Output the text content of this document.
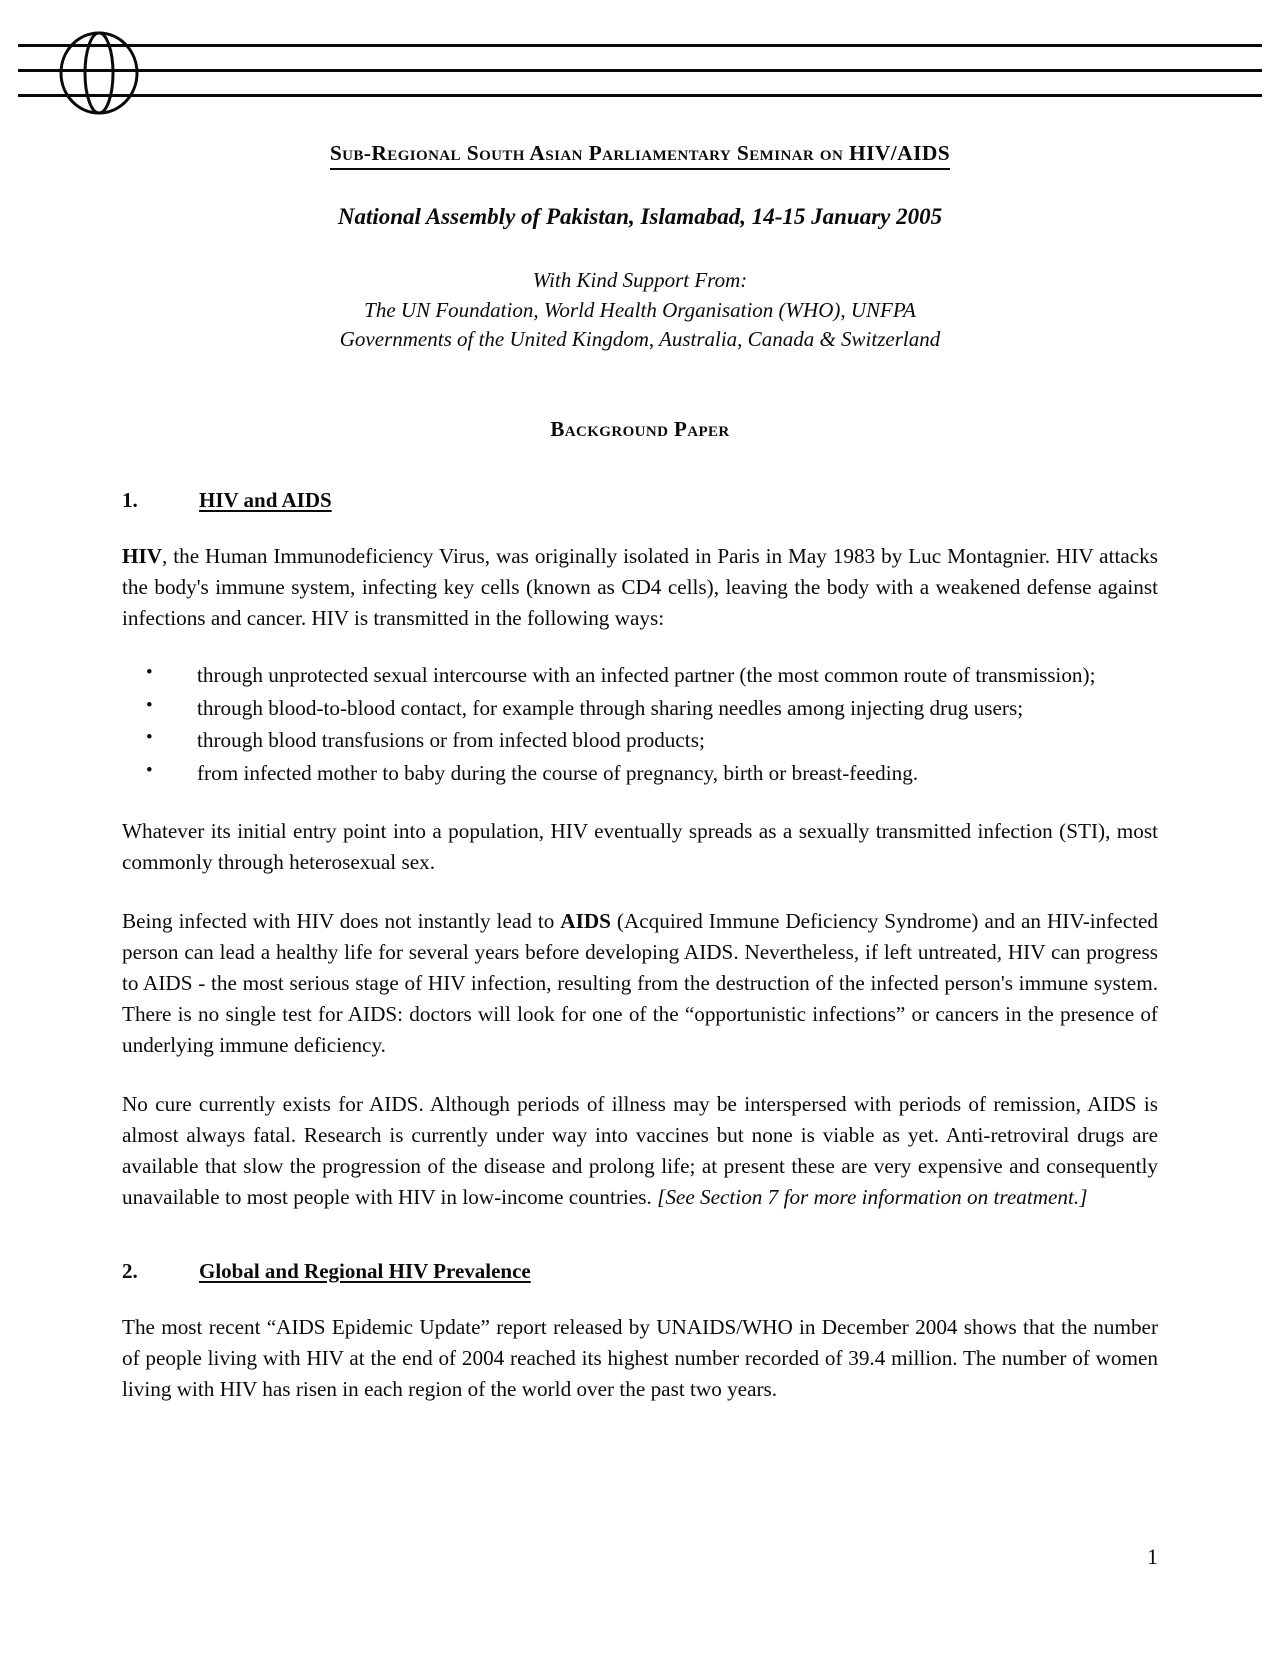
Sub-Regional South Asian Parliamentary Seminar on HIV/AIDS
National Assembly of Pakistan, Islamabad, 14-15 January 2005
With Kind Support From:
The UN Foundation, World Health Organisation (WHO), UNFPA
Governments of the United Kingdom, Australia, Canada & Switzerland
Background Paper
1.	HIV and AIDS

HIV, the Human Immunodeficiency Virus, was originally isolated in Paris in May 1983 by Luc Montagnier. HIV attacks the body's immune system, infecting key cells (known as CD4 cells), leaving the body with a weakened defense against infections and cancer. HIV is transmitted in the following ways:

• through unprotected sexual intercourse with an infected partner (the most common route of transmission);
• through blood-to-blood contact, for example through sharing needles among injecting drug users;
• through blood transfusions or from infected blood products;
• from infected mother to baby during the course of pregnancy, birth or breast-feeding.

Whatever its initial entry point into a population, HIV eventually spreads as a sexually transmitted infection (STI), most commonly through heterosexual sex.

Being infected with HIV does not instantly lead to AIDS (Acquired Immune Deficiency Syndrome) and an HIV-infected person can lead a healthy life for several years before developing AIDS. Nevertheless, if left untreated, HIV can progress to AIDS - the most serious stage of HIV infection, resulting from the destruction of the infected person's immune system. There is no single test for AIDS: doctors will look for one of the “opportunistic infections” or cancers in the presence of underlying immune deficiency.

No cure currently exists for AIDS. Although periods of illness may be interspersed with periods of remission, AIDS is almost always fatal. Research is currently under way into vaccines but none is viable as yet. Anti-retroviral drugs are available that slow the progression of the disease and prolong life; at present these are very expensive and consequently unavailable to most people with HIV in low-income countries. [See Section 7 for more information on treatment.]

2.	Global and Regional HIV Prevalence

The most recent “AIDS Epidemic Update” report released by UNAIDS/WHO in December 2004 shows that the number of people living with HIV at the end of 2004 reached its highest number recorded of 39.4 million. The number of women living with HIV has risen in each region of the world over the past two years.

1
